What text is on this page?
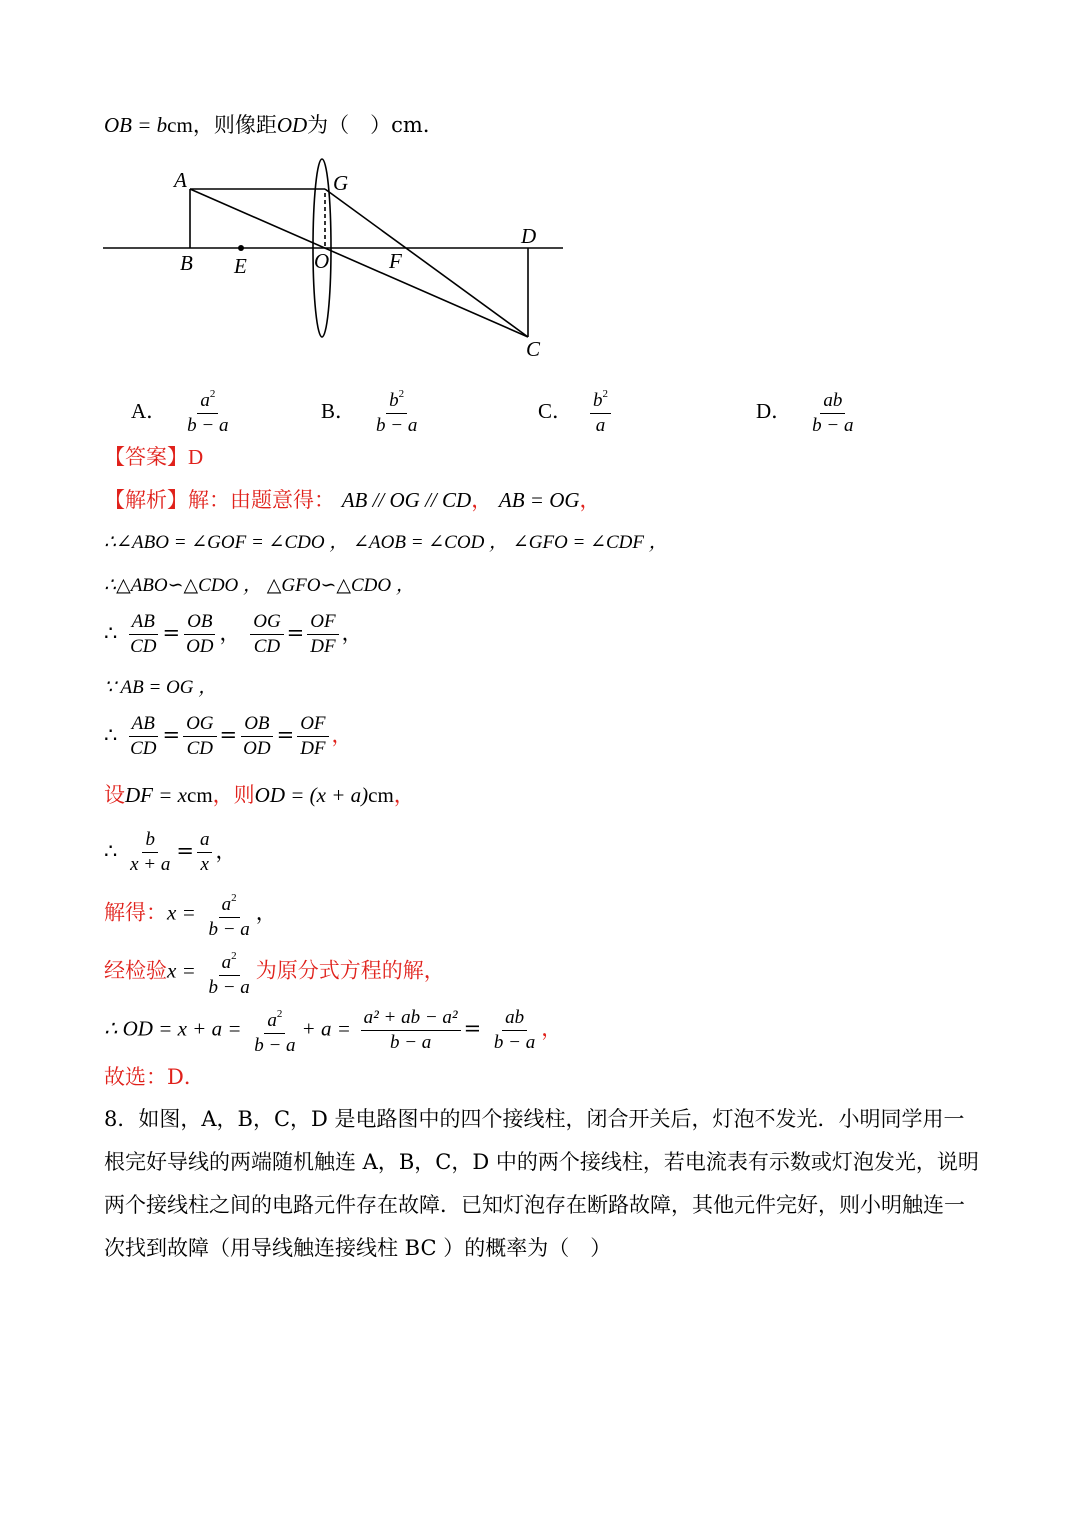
OB = bcm，则像距OD为（　）cm．
A	G
D
B E	O	F
C
A． $\frac{a^2}{b - a}$	B． $\frac{b^2}{b - a}$	C． $\frac{b^2}{a}$	D． $\frac{ab}{b - a}$
【答案】D
【解析】解：由题意得： AB // OG // CD， AB = OG，
∴∠ABO = ∠GOF = ∠CDO ， ∠AOB = ∠COD ， ∠GFO = ∠CDF ，
∴△ABO∽△CDO ， △GFO∽△CDO ，
∴ $\frac{AB}{CD} = \frac{OB}{OD}$ ， $\frac{OG}{CD} = \frac{OF}{DF}$ ，
∵ AB = OG ，
∴ $\frac{AB}{CD} = \frac{OG}{CD} = \frac{OB}{OD} = \frac{OF}{DF}$ ，
设DF = xcm，则OD = (x + a)cm，
∴ $\frac{b}{x + a} = \frac{a}{x}$ ，
解得：$x = \frac{a^2}{b - a}$ ，
经检验$x = \frac{a^2}{b - a}$ 为原分式方程的解，
∴ OD = $x + a = \frac{a^2}{b - a} + a = \frac{\text{a² + ab − a²}}{b - a} = \frac{ab}{b - a}$ ，
故选：D．
8．如图，A，B，C，D 是电路图中的四个接线柱，闭合开关后，灯泡不发光．小明同学用一根完好导线的两端随机触连 A，B，C，D 中的两个接线柱，若电流表有示数或灯泡发光，说明两个接线柱之间的电路元件存在故障．已知灯泡存在断路故障，其他元件完好，则小明触连一次找到故障（用导线触连接线柱 BC ）的概率为（　）
